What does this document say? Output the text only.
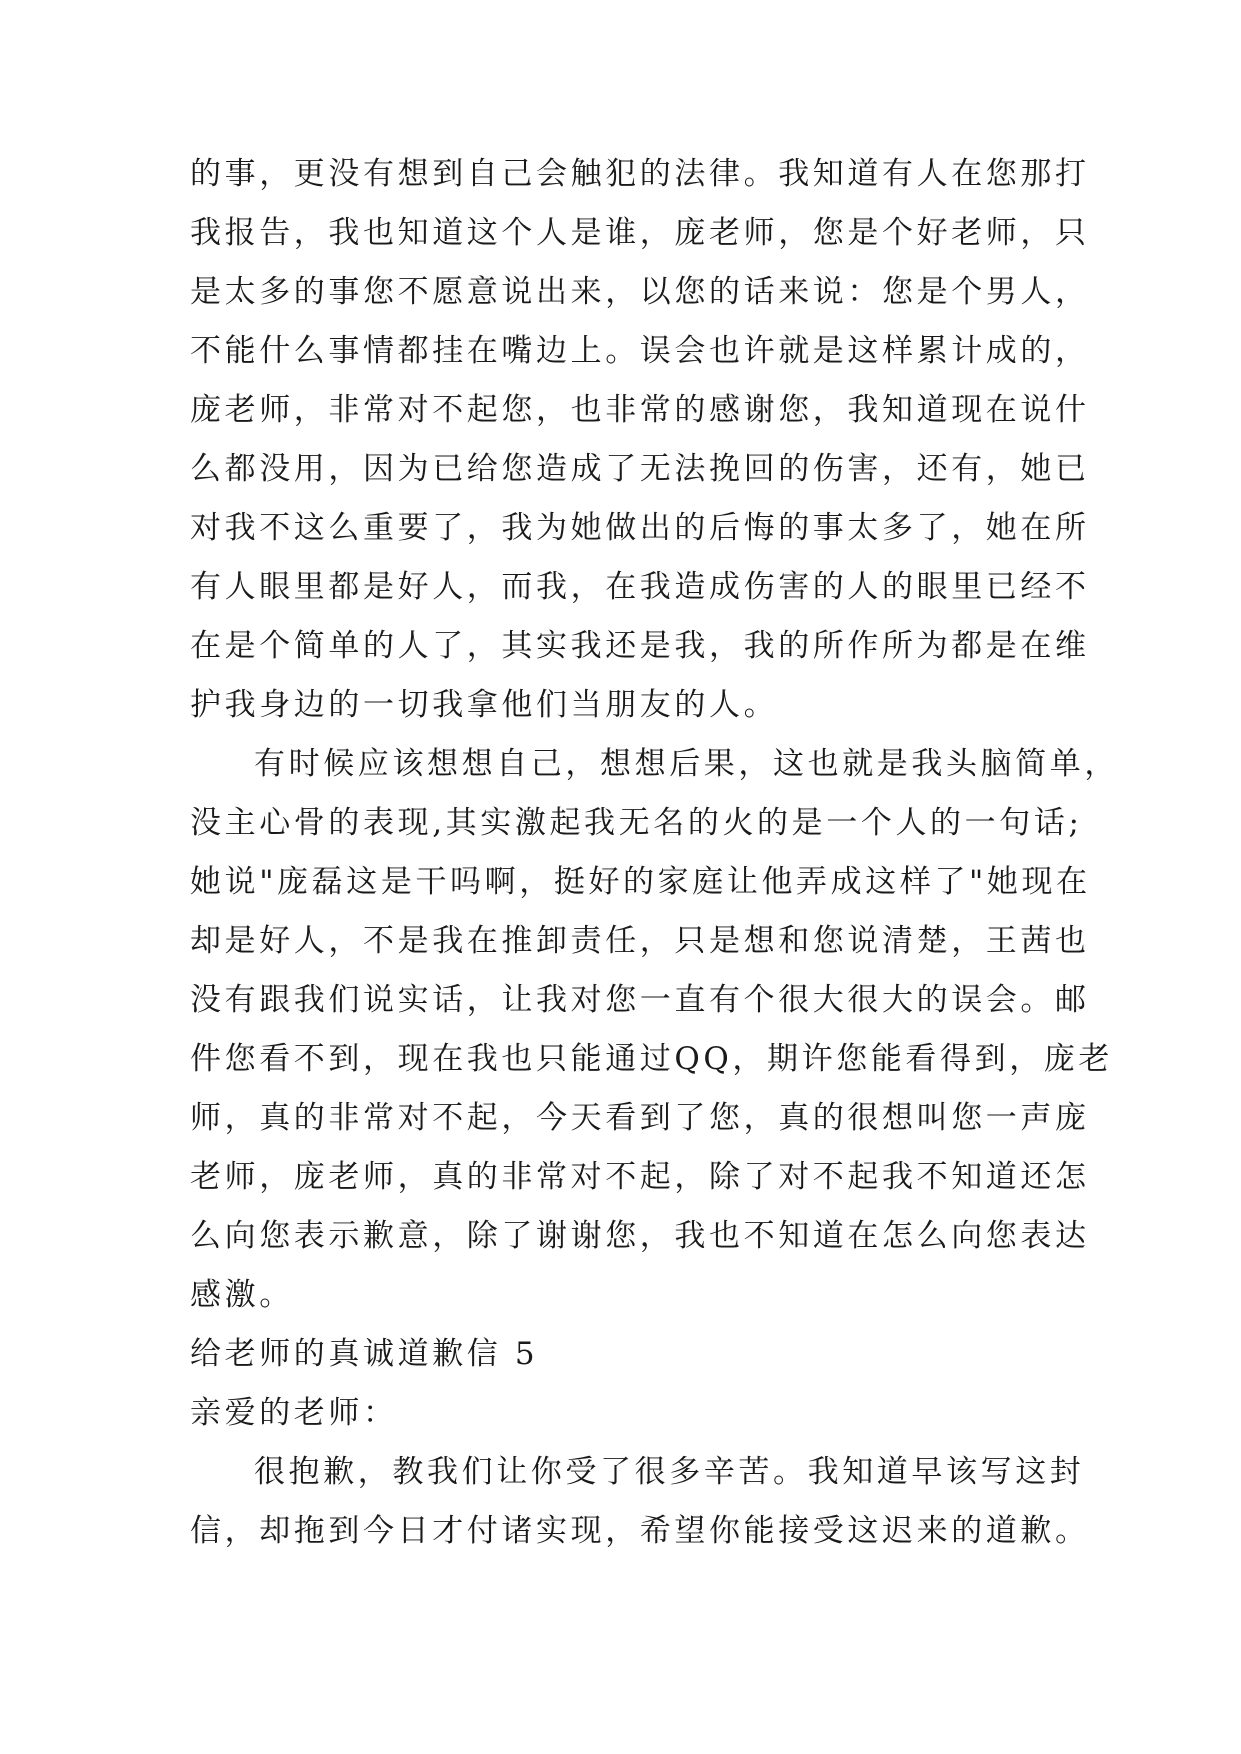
的事，更没有想到自己会触犯的法律。我知道有人在您那打
我报告，我也知道这个人是谁，庞老师，您是个好老师，只
是太多的事您不愿意说出来，以您的话来说：您是个男人，
不能什么事情都挂在嘴边上。误会也许就是这样累计成的，
庞老师，非常对不起您，也非常的感谢您，我知道现在说什
么都没用，因为已给您造成了无法挽回的伤害，还有，她已
对我不这么重要了，我为她做出的后悔的事太多了，她在所
有人眼里都是好人，而我，在我造成伤害的人的眼里已经不
在是个简单的人了，其实我还是我，我的所作所为都是在维
护我身边的一切我拿他们当朋友的人。
有时候应该想想自己，想想后果，这也就是我头脑简单，
没主心骨的表现,其实激起我无名的火的是一个人的一句话;
她说"庞磊这是干吗啊，挺好的家庭让他弄成这样了"她现在
却是好人，不是我在推卸责任，只是想和您说清楚，王茜也
没有跟我们说实话，让我对您一直有个很大很大的误会。邮
件您看不到，现在我也只能通过QQ，期许您能看得到，庞老
师，真的非常对不起，今天看到了您，真的很想叫您一声庞
老师，庞老师，真的非常对不起，除了对不起我不知道还怎
么向您表示歉意，除了谢谢您，我也不知道在怎么向您表达
感激。
给老师的真诚道歉信 5
亲爱的老师：
很抱歉，教我们让你受了很多辛苦。我知道早该写这封
信，却拖到今日才付诸实现，希望你能接受这迟来的道歉。
